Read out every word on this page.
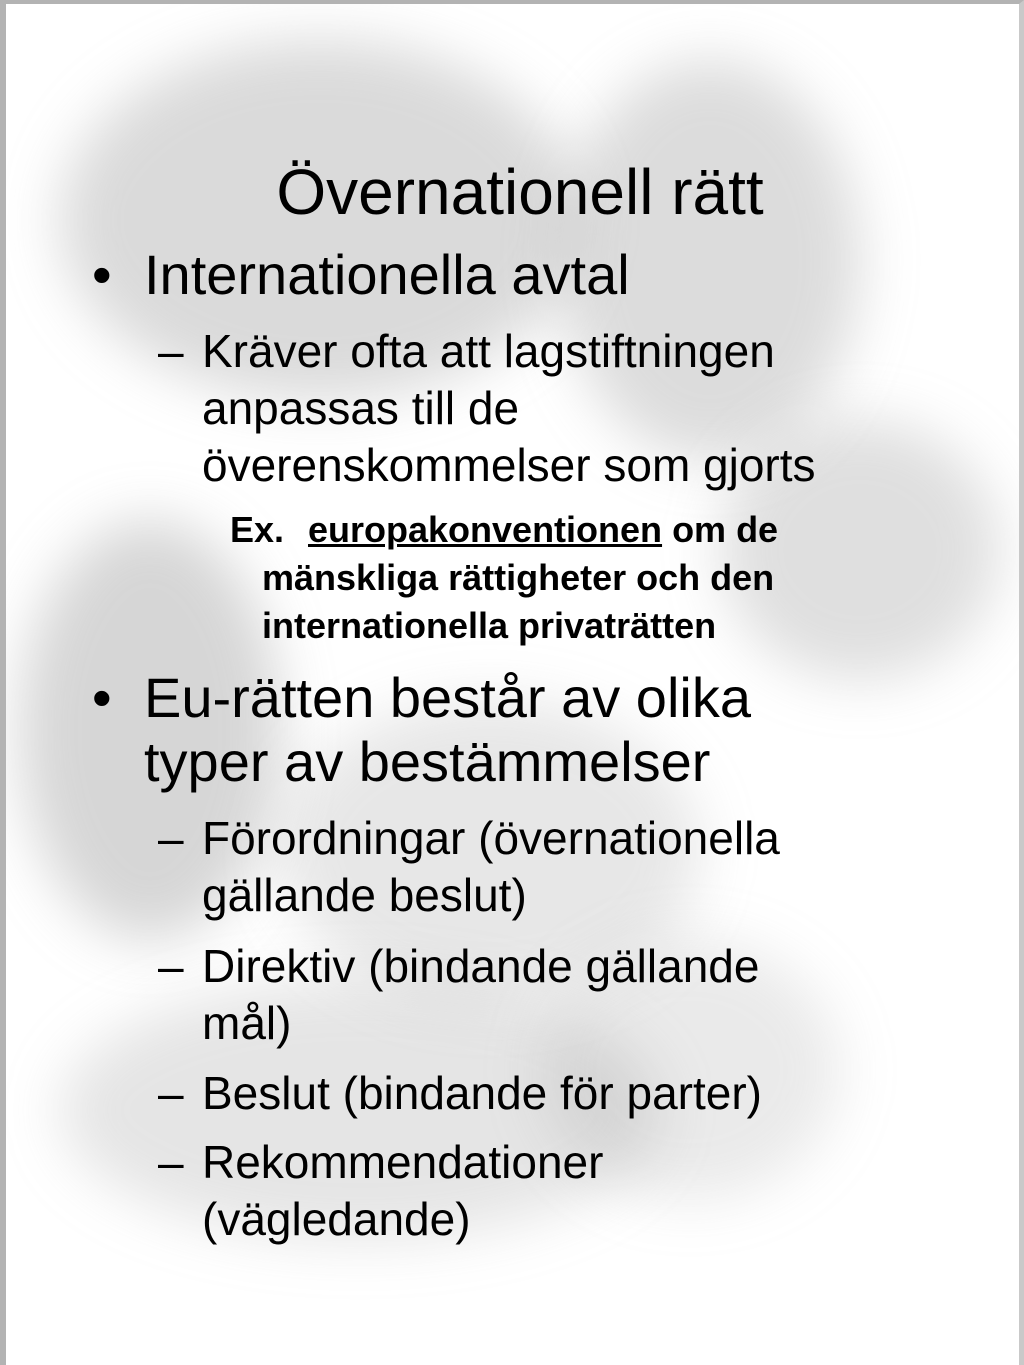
Övernationell rätt
• Internationella avtal
– Kräver ofta att lagstiftningen
anpassas till de
överenskommelser som gjorts
Ex. europakonventionen om de
mänskliga rättigheter och den
internationella privaträtten
• Eu-rätten består av olika
typer av bestämmelser
– Förordningar (övernationella
gällande beslut)
– Direktiv (bindande gällande
mål)
– Beslut (bindande för parter)
– Rekommendationer
(vägledande)
